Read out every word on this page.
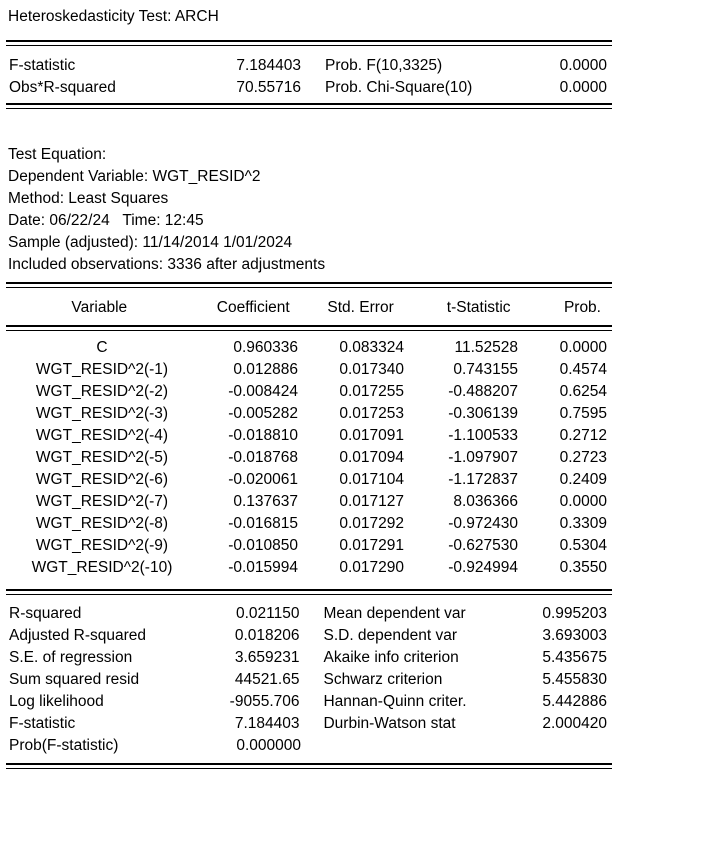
Heteroskedasticity Test: ARCH
F-statistic	7.184403	Prob. F(10,3325)	0.0000
Obs*R-squared	70.55716	Prob. Chi-Square(10)	0.0000
Test Equation:
Dependent Variable: WGT_RESID^2
Method: Least Squares
Date: 06/22/24   Time: 12:45
Sample (adjusted): 11/14/2014 1/01/2024
Included observations: 3336 after adjustments
Variable	Coefficient	Std. Error	t-Statistic	Prob.
C	0.960336	0.083324	11.52528	0.0000
WGT_RESID^2(-1)	0.012886	0.017340	0.743155	0.4574
WGT_RESID^2(-2)	-0.008424	0.017255	-0.488207	0.6254
WGT_RESID^2(-3)	-0.005282	0.017253	-0.306139	0.7595
WGT_RESID^2(-4)	-0.018810	0.017091	-1.100533	0.2712
WGT_RESID^2(-5)	-0.018768	0.017094	-1.097907	0.2723
WGT_RESID^2(-6)	-0.020061	0.017104	-1.172837	0.2409
WGT_RESID^2(-7)	0.137637	0.017127	8.036366	0.0000
WGT_RESID^2(-8)	-0.016815	0.017292	-0.972430	0.3309
WGT_RESID^2(-9)	-0.010850	0.017291	-0.627530	0.5304
WGT_RESID^2(-10)	-0.015994	0.017290	-0.924994	0.3550
R-squared	0.021150	Mean dependent var	0.995203
Adjusted R-squared	0.018206	S.D. dependent var	3.693003
S.E. of regression	3.659231	Akaike info criterion	5.435675
Sum squared resid	44521.65	Schwarz criterion	5.455830
Log likelihood	-9055.706	Hannan-Quinn criter.	5.442886
F-statistic	7.184403	Durbin-Watson stat	2.000420
Prob(F-statistic)	0.000000
